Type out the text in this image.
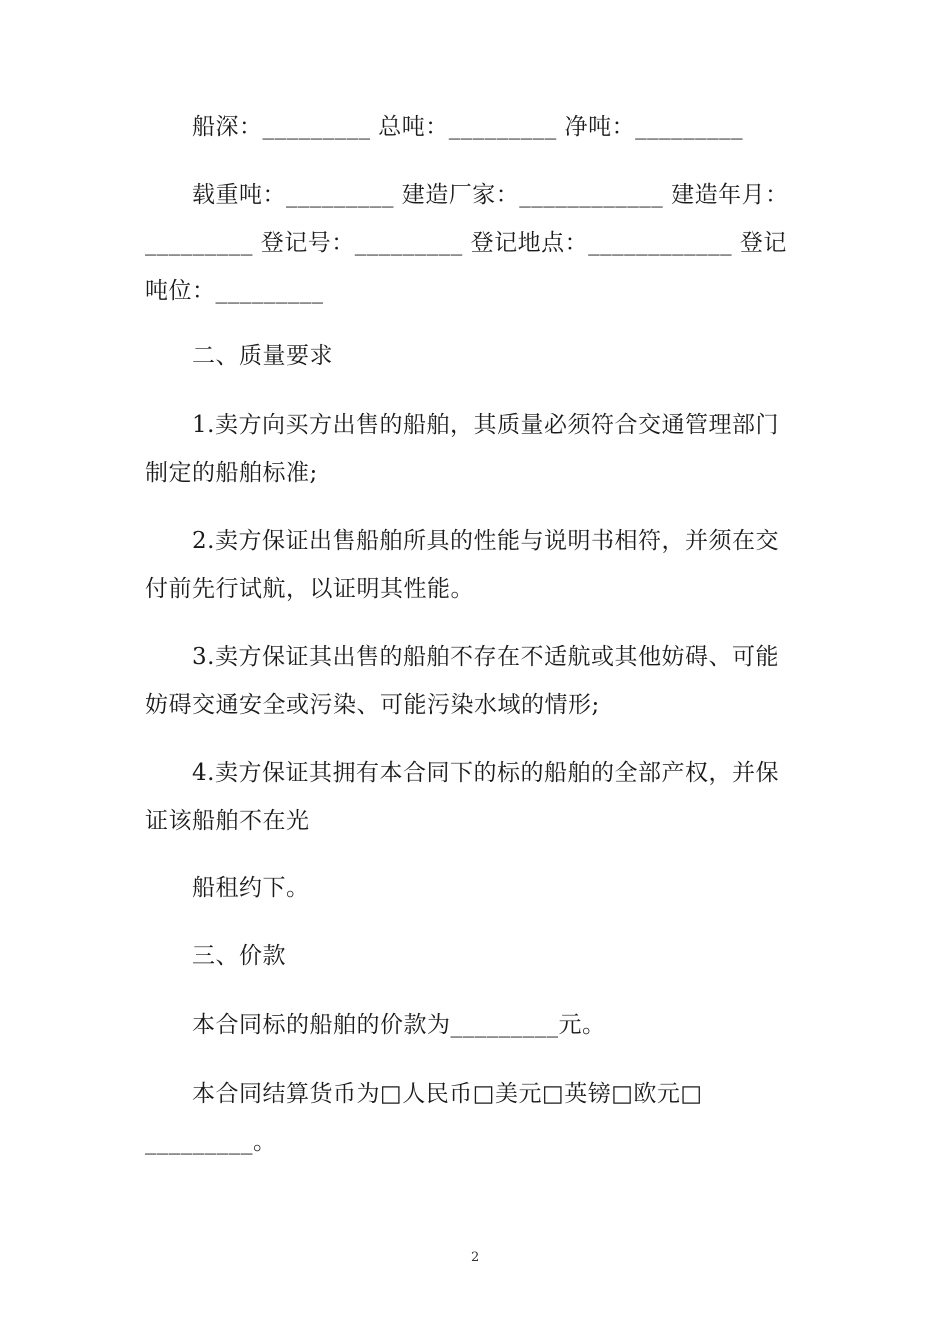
船深：_________ 总吨：_________ 净吨：_________
载重吨：_________ 建造厂家：____________ 建造年月：
_________ 登记号：_________ 登记地点：____________ 登记
吨位：_________
二、质量要求
1.卖方向买方出售的船舶，其质量必须符合交通管理部门
制定的船舶标准;
2.卖方保证出售船舶所具的性能与说明书相符，并须在交
付前先行试航，以证明其性能。
3.卖方保证其出售的船舶不存在不适航或其他妨碍、可能
妨碍交通安全或污染、可能污染水域的情形;
4.卖方保证其拥有本合同下的标的船舶的全部产权，并保
证该船舶不在光
船租约下。
三、价款
本合同标的船舶的价款为_________元。
本合同结算货币为□人民币□美元□英镑□欧元□
_________。
2
